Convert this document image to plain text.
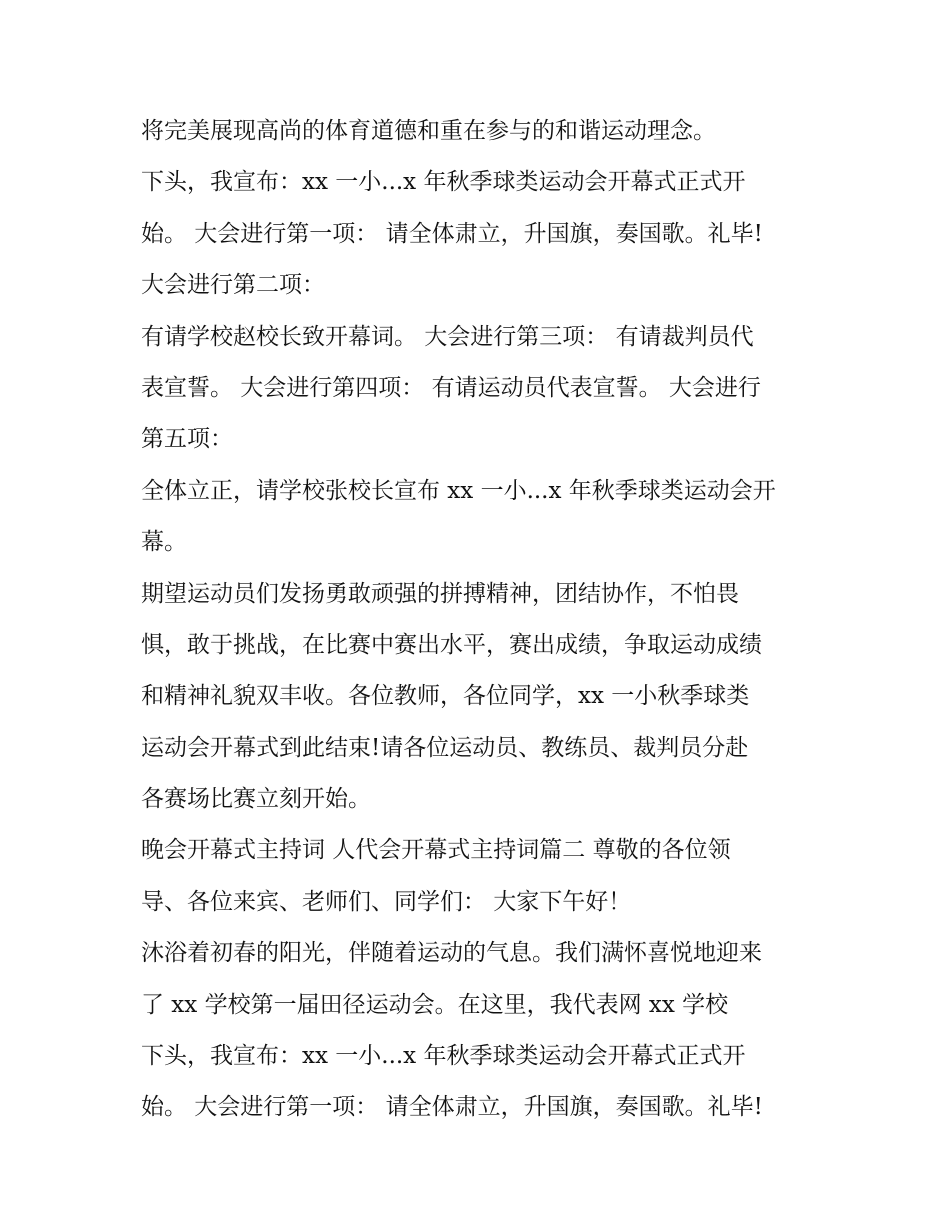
将完美展现高尚的体育道德和重在参与的和谐运动理念。
下头，我宣布：xx 一小...x 年秋季球类运动会开幕式正式开
始。 大会进行第一项： 请全体肃立，升国旗，奏国歌。礼毕!
大会进行第二项：
有请学校赵校长致开幕词。 大会进行第三项： 有请裁判员代
表宣誓。 大会进行第四项： 有请运动员代表宣誓。 大会进行
第五项：
全体立正，请学校张校长宣布 xx 一小...x 年秋季球类运动会开
幕。
期望运动员们发扬勇敢顽强的拼搏精神，团结协作，不怕畏
惧，敢于挑战，在比赛中赛出水平，赛出成绩，争取运动成绩
和精神礼貌双丰收。各位教师，各位同学，xx 一小秋季球类
运动会开幕式到此结束!请各位运动员、教练员、裁判员分赴
各赛场比赛立刻开始。
晚会开幕式主持词 人代会开幕式主持词篇二 尊敬的各位领
导、各位来宾、老师们、同学们： 大家下午好！
沐浴着初春的阳光，伴随着运动的气息。我们满怀喜悦地迎来
了 xx 学校第一届田径运动会。在这里，我代表网 xx 学校
下头，我宣布：xx 一小...x 年秋季球类运动会开幕式正式开
始。 大会进行第一项： 请全体肃立，升国旗，奏国歌。礼毕!
